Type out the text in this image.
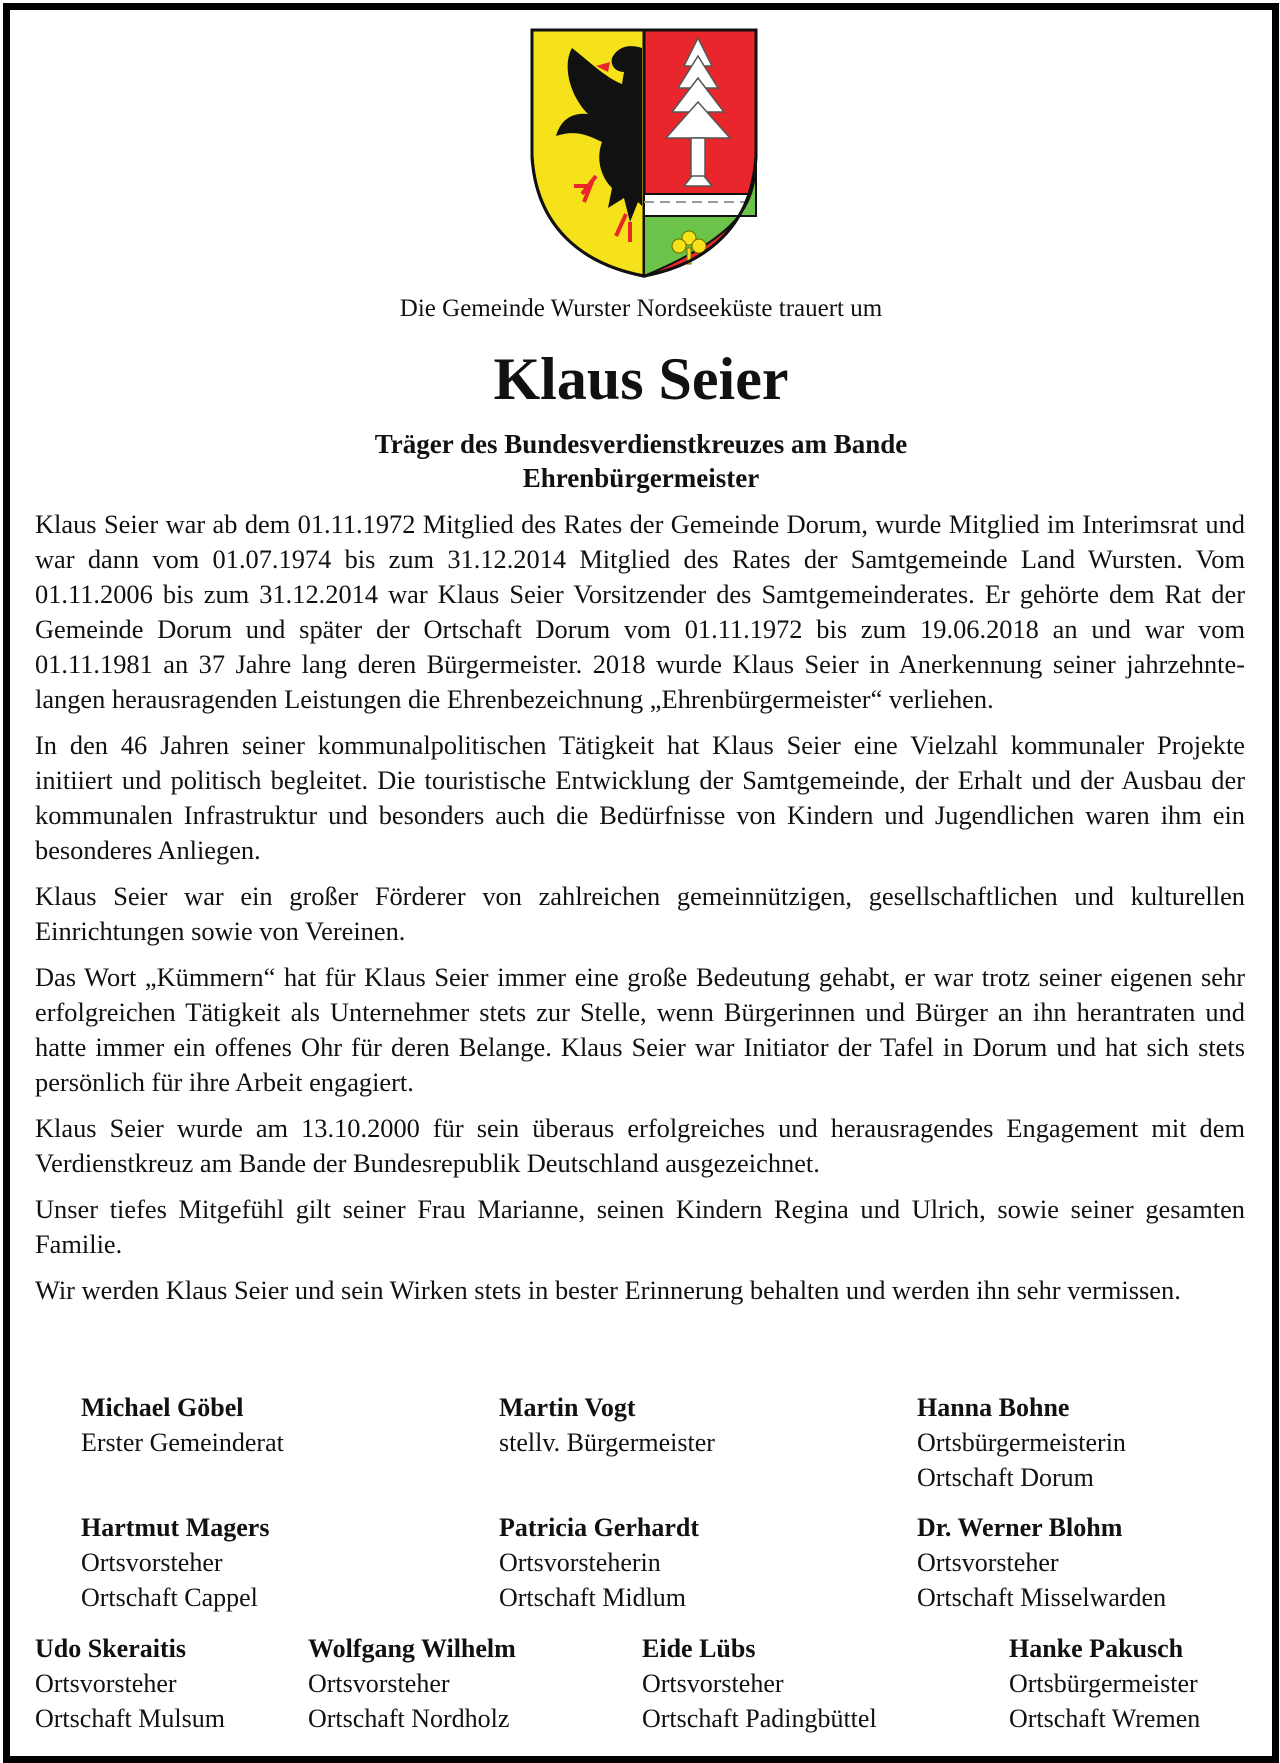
Die Gemeinde Wurster Nordseeküste trauert um
Klaus Seier
Träger des Bundesverdienstkreuzes am Bande
Ehrenbürgermeister

Klaus Seier war ab dem 01.11.1972 Mitglied des Rates der Gemeinde Dorum, wurde Mitglied im Interimsrat und war dann vom 01.07.1974 bis zum 31.12.2014 Mitglied des Rates der Samtgemeinde Land Wursten. Vom 01.11.2006 bis zum 31.12.2014 war Klaus Seier Vorsitzender des Samtgemeinderates. Er gehörte dem Rat der Gemeinde Dorum und später der Ortschaft Dorum vom 01.11.1972 bis zum 19.06.2018 an und war vom 01.11.1981 an 37 Jahre lang deren Bürgermeister. 2018 wurde Klaus Seier in Anerkennung seiner jahrzehntelangen herausragenden Leistungen die Ehrenbezeichnung „Ehrenbürgermeister“ verliehen.

In den 46 Jahren seiner kommunalpolitischen Tätigkeit hat Klaus Seier eine Vielzahl kommunaler Projekte initiiert und politisch begleitet. Die touristische Entwicklung der Samtgemeinde, der Erhalt und der Ausbau der kommunalen Infrastruktur und besonders auch die Bedürfnisse von Kindern und Jugendlichen waren ihm ein besonderes Anliegen.

Klaus Seier war ein großer Förderer von zahlreichen gemeinnützigen, gesellschaftlichen und kulturellen Einrichtungen sowie von Vereinen.

Das Wort „Kümmern“ hat für Klaus Seier immer eine große Bedeutung gehabt, er war trotz seiner eigenen sehr erfolgreichen Tätigkeit als Unternehmer stets zur Stelle, wenn Bürgerinnen und Bürger an ihn herantraten und hatte immer ein offenes Ohr für deren Belange. Klaus Seier war Initiator der Tafel in Dorum und hat sich stets persönlich für ihre Arbeit engagiert.

Klaus Seier wurde am 13.10.2000 für sein überaus erfolgreiches und herausragendes Engagement mit dem Verdienstkreuz am Bande der Bundesrepublik Deutschland ausgezeichnet.

Unser tiefes Mitgefühl gilt seiner Frau Marianne, seinen Kindern Regina und Ulrich, sowie seiner gesamten Familie.

Wir werden Klaus Seier und sein Wirken stets in bester Erinnerung behalten und werden ihn sehr vermissen.

Michael Göbel
Erster Gemeinderat
Martin Vogt
stellv. Bürgermeister
Hanna Bohne
Ortsbürgermeisterin
Ortschaft Dorum
Hartmut Magers
Ortsvorsteher
Ortschaft Cappel
Patricia Gerhardt
Ortsvorsteherin
Ortschaft Midlum
Dr. Werner Blohm
Ortsvorsteher
Ortschaft Misselwarden
Udo Skeraitis
Ortsvorsteher
Ortschaft Mulsum
Wolfgang Wilhelm
Ortsvorsteher
Ortschaft Nordholz
Eide Lübs
Ortsvorsteher
Ortschaft Padingbüttel
Hanke Pakusch
Ortsbürgermeister
Ortschaft Wremen
